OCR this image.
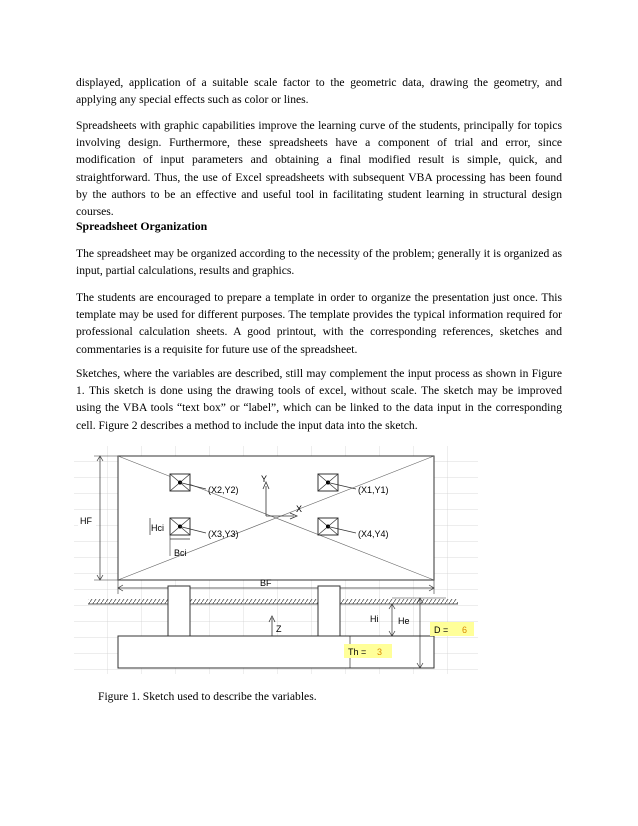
displayed, application of a suitable scale factor to the geometric data, drawing the geometry, and applying any special effects such as color or lines.

Spreadsheets with graphic capabilities improve the learning curve of the students, principally for topics involving design. Furthermore, these spreadsheets have a component of trial and error, since modification of input parameters and obtaining a final modified result is simple, quick, and straightforward. Thus, the use of Excel spreadsheets with subsequent VBA processing has been found by the authors to be an effective and useful tool in facilitating student learning in structural design courses.

Spreadsheet Organization

The spreadsheet may be organized according to the necessity of the problem; generally it is organized as input, partial calculations, results and graphics.

The students are encouraged to prepare a template in order to organize the presentation just once. This template may be used for different purposes. The template provides the typical information required for professional calculation sheets. A good printout, with the corresponding references, sketches and commentaries is a requisite for future use of the spreadsheet.

Sketches, where the variables are described, still may complement the input process as shown in Figure 1. This sketch is done using the drawing tools of excel, without scale. The sketch may be improved using the VBA tools “text box” or “label”, which can be linked to the data input in the corresponding cell. Figure 2 describes a method to include the input data into the sketch.

(X2,Y2)	(X1,Y1)
(X3,Y3)	(X4,Y4)
Y
X
Hci
Bci
HF
BF
Z
Hi He
D = 6
Th = 3

Figure 1. Sketch used to describe the variables.
